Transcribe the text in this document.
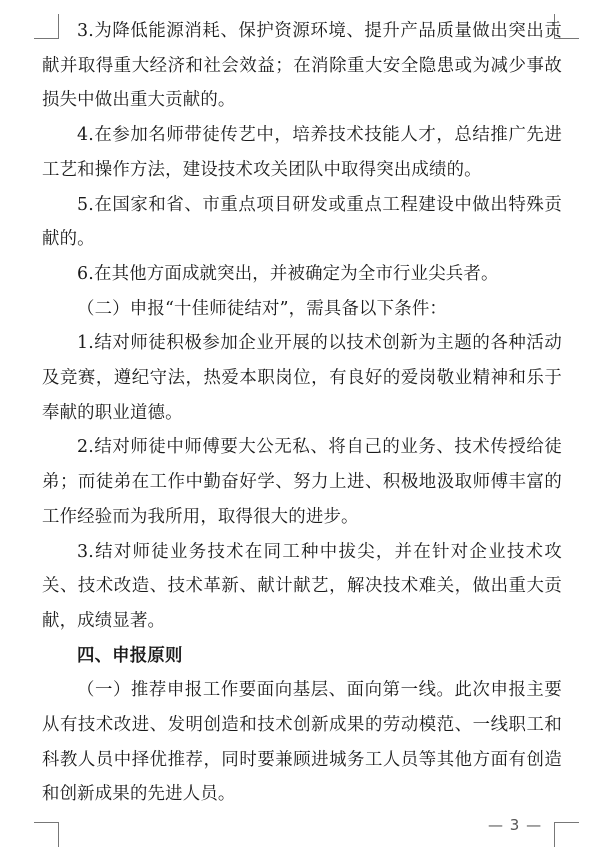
3.为降低能源消耗、保护资源环境、提升产品质量做出突出贡献并取得重大经济和社会效益；在消除重大安全隐患或为减少事故损失中做出重大贡献的。

4.在参加名师带徒传艺中，培养技术技能人才，总结推广先进工艺和操作方法，建设技术攻关团队中取得突出成绩的。

5.在国家和省、市重点项目研发或重点工程建设中做出特殊贡献的。

6.在其他方面成就突出，并被确定为全市行业尖兵者。

（二）申报“十佳师徒结对”，需具备以下条件：

1.结对师徒积极参加企业开展的以技术创新为主题的各种活动及竞赛，遵纪守法，热爱本职岗位，有良好的爱岗敬业精神和乐于奉献的职业道德。

2.结对师徒中师傅要大公无私、将自己的业务、技术传授给徒弟；而徒弟在工作中勤奋好学、努力上进、积极地汲取师傅丰富的工作经验而为我所用，取得很大的进步。

3.结对师徒业务技术在同工种中拔尖，并在针对企业技术攻关、技术改造、技术革新、献计献艺，解决技术难关，做出重大贡献，成绩显著。

四、申报原则

（一）推荐申报工作要面向基层、面向第一线。此次申报主要从有技术改进、发明创造和技术创新成果的劳动模范、一线职工和科教人员中择优推荐，同时要兼顾进城务工人员等其他方面有创造和创新成果的先进人员。

— 3 —
